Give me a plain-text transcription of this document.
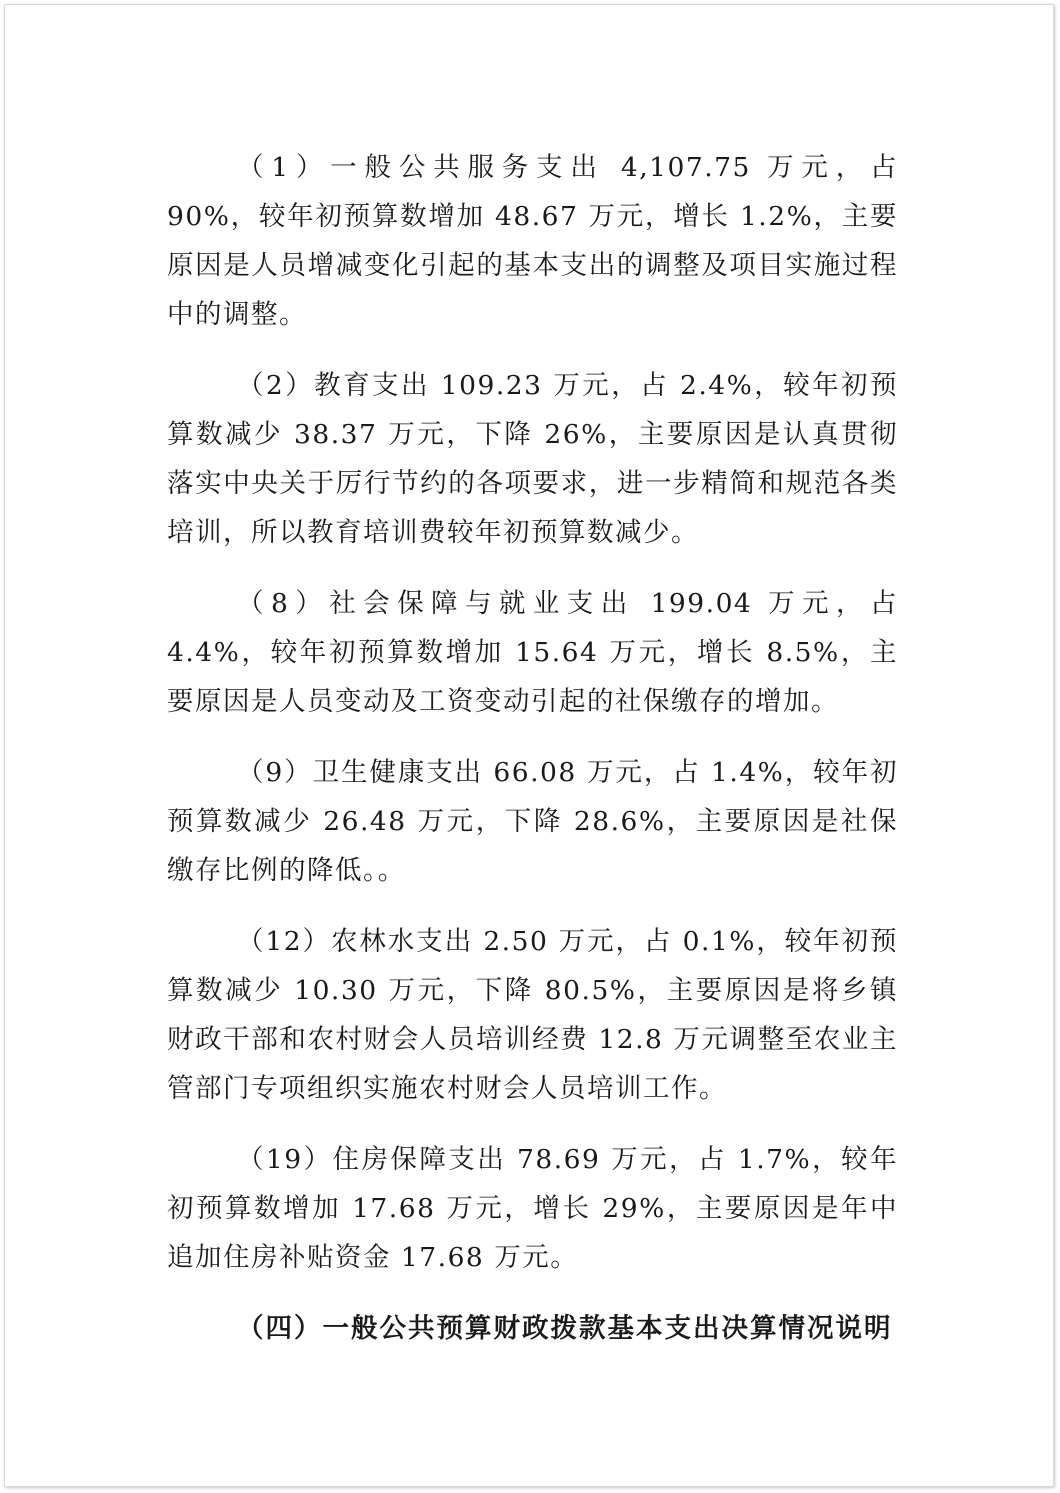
（1）一般公共服务支出 4,107.75 万元，占 90%，较年初预算数增加 48.67 万元，增长 1.2%，主要原因是人员增减变化引起的基本支出的调整及项目实施过程中的调整。

（2）教育支出 109.23 万元，占 2.4%，较年初预算数减少 38.37 万元，下降 26%，主要原因是认真贯彻落实中央关于厉行节约的各项要求，进一步精简和规范各类培训，所以教育培训费较年初预算数减少。

（8）社会保障与就业支出 199.04 万元，占 4.4%，较年初预算数增加 15.64 万元，增长 8.5%，主要原因是人员变动及工资变动引起的社保缴存的增加。

（9）卫生健康支出 66.08 万元，占 1.4%，较年初预算数减少 26.48 万元，下降 28.6%，主要原因是社保缴存比例的降低。。

（12）农林水支出 2.50 万元，占 0.1%，较年初预算数减少 10.30 万元，下降 80.5%，主要原因是将乡镇财政干部和农村财会人员培训经费 12.8 万元调整至农业主管部门专项组织实施农村财会人员培训工作。

（19）住房保障支出 78.69 万元，占 1.7%，较年初预算数增加 17.68 万元，增长 29%，主要原因是年中追加住房补贴资金 17.68 万元。

（四）一般公共预算财政拨款基本支出决算情况说明
